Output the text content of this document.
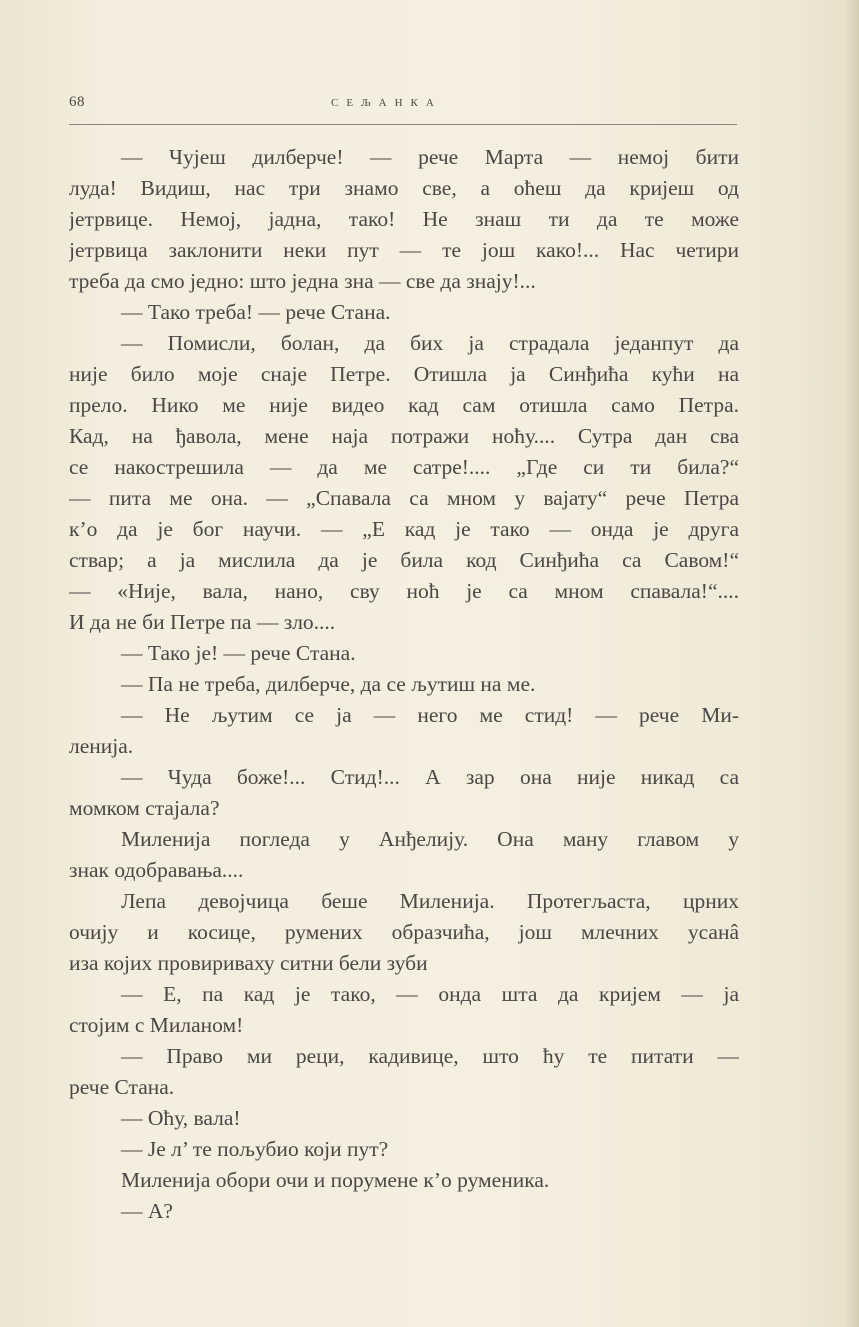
68	СЕЉАНКА
— Чујеш дилберче! — рече Марта — немој бити
луда! Видиш, нас три знамо све, а оћеш да кријеш од
јетрвице. Немој, јадна, тако! Не знаш ти да те може
јетрвица заклонити неки пут — те још како!... Нас четири
треба да смо једно: што једна зна — све да знају!...
— Тако треба! — рече Стана.
— Помисли, болан, да бих ја страдала једанпут да
није било моје снаје Петре. Отишла ја Синђића кући на
прело. Нико ме није видео кад сам отишла само Петра.
Кад, на ђавола, мене наја потражи ноћу.... Сутра дан сва
се накострешила — да ме сатре!.... „Где си ти била?“
— пита ме она. — „Спавала са мном у вајату“ рече Петра
к’о да је бог научи. — „Е кад је тако — онда је друга
ствар; а ја мислила да је била код Синђића са Савом!“
— «Није, вала, нано, сву ноћ је са мном спавала!“....
И да не би Петре па — зло....
— Тако је! — рече Стана.
— Па не треба, дилберче, да се љутиш на ме.
— Не љутим се ја — него ме стид! — рече Ми-
ленија.
— Чуда боже!... Стид!... А зар она није никад са
момком стајала?
Миленија погледа у Анђелију. Она ману главом у
знак одобравања....
Лепа девојчица беше Миленија. Протегљаста, црних
очију и косице, румених образчића, још млечних усанâ
иза којих провириваху ситни бели зуби
— Е, па кад је тако, — онда шта да кријем — ја
стојим с Миланом!
— Право ми реци, кадивице, што ћу те питати —
рече Стана.
— Оћу, вала!
— Је л’ те пољубио који пут?
Миленија обори очи и порумене к’о руменика.
— А?
